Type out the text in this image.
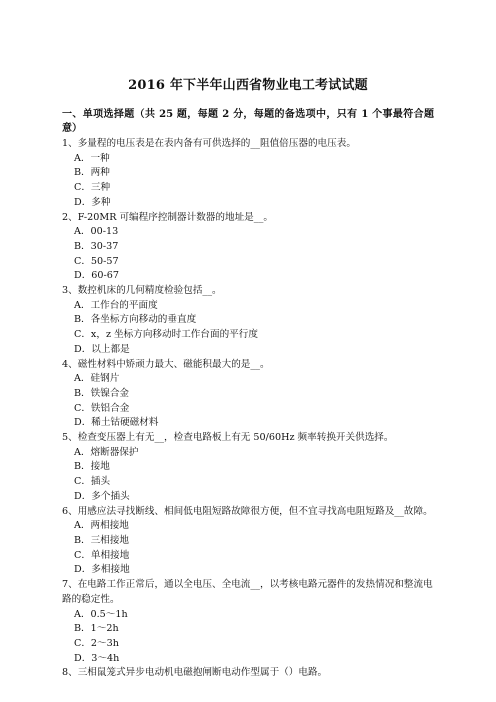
2016 年下半年山西省物业电工考试试题
一、单项选择题（共 25 题，每题 2 分，每题的备选项中，只有 1 个事最符合题意）
1、多量程的电压表是在表内备有可供选择的__阻值倍压器的电压表。
A．一种
B．两种
C．三种
D．多种
2、F-20MR 可编程序控制器计数器的地址是__。
A．00-13
B．30-37
C．50-57
D．60-67
3、数控机床的几何精度检验包括__。
A．工作台的平面度
B．各坐标方向移动的垂直度
C．x，z 坐标方向移动时工作台面的平行度
D．以上都是
4、磁性材料中矫顽力最大、磁能积最大的是__。
A．硅钢片
B．铁镍合金
C．铁铝合金
D．稀土钴硬磁材料
5、检查变压器上有无__，检查电路板上有无 50/60Hz 频率转换开关供选择。
A．熔断器保护
B．接地
C．插头
D．多个插头
6、用感应法寻找断线、相间低电阻短路故障很方便，但不宜寻找高电阻短路及__故障。
A．两相接地
B．三相接地
C．单相接地
D．多相接地
7、在电路工作正常后，通以全电压、全电流__，以考核电路元器件的发热情况和整流电路的稳定性。
A．0.5～1h
B．1～2h
C．2～3h
D．3～4h
8、三相鼠笼式异步电动机电磁抱闸断电动作型属于（）电路。
